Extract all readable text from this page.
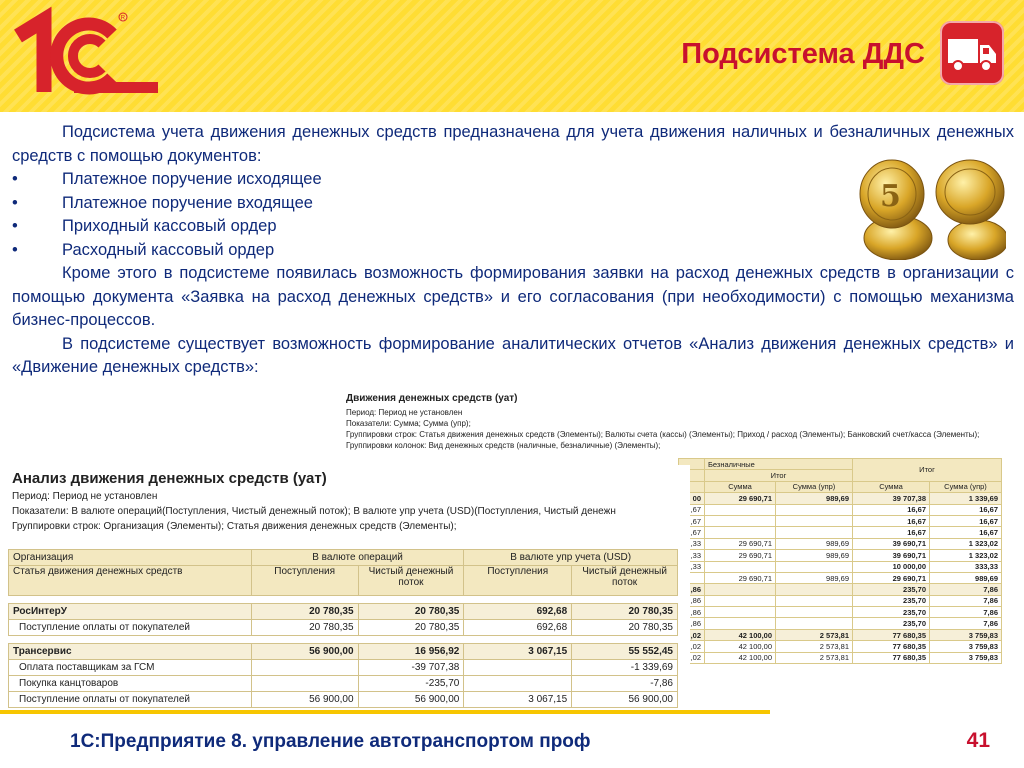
R
Подсистема ДДС

Подсистема учета движения денежных средств предназначена для учета движения наличных и безналичных денежных средств с помощью документов:

•	Платежное поручение исходящее
•	Платежное поручение входящее
•	Приходный кассовый ордер
•	Расходный кассовый ордер

Кроме этого в подсистеме появилась возможность формирования заявки на расход денежных средств в организации с помощью документа «Заявка на расход денежных средств» и его согласования (при необходимости) с помощью механизма бизнес-процессов.

В подсистеме существует возможность формирование аналитических отчетов «Анализ движения денежных средств» и «Движение денежных средств»:

5
Движения денежных средств (уат)
Период: Период не установлен
Показатели: Сумма; Сумма (упр);
Группировки строк: Статья движения денежных средств (Элементы); Валюты счета (кассы) (Элементы); Приход / расход (Элементы); Банковский счет/касса (Элементы);
Группировки колонок: Вид денежных средств (наличные, безналичные) (Элементы);
	Безналичные		Итог	
	Итог			
	Сумма	Сумма (упр)	Сумма	Сумма (упр)
00	29 690,71	989,69	39 707,38	1 339,69
,67			16,67	16,67
,67			16,67	16,67
,67			16,67	16,67
,33	29 690,71	989,69	39 690,71	1 323,02
,33	29 690,71	989,69	39 690,71	1 323,02
,33			10 000,00	333,33
	29 690,71	989,69	29 690,71	989,69
,86			235,70	7,86
,86			235,70	7,86
,86			235,70	7,86
,86			235,70	7,86
,02	42 100,00	2 573,81	77 680,35	3 759,83
,02	42 100,00	2 573,81	77 680,35	3 759,83
,02	42 100,00	2 573,81	77 680,35	3 759,83
Анализ движения денежных средств (уат)
Период: Период не установлен
Показатели: В валюте операций(Поступления, Чистый денежный поток); В валюте упр учета (USD)(Поступления, Чистый денежн
Группировки строк: Организация (Элементы); Статья движения денежных средств (Элементы);
Организация	В валюте операций		В валюте упр учета (USD)	
Статья движения денежных средств	Поступления	Чистый денежный поток	Поступления	Чистый денежный поток

РосИнтерУ	20 780,35	20 780,35	692,68	20 780,35
Поступление оплаты от покупателей	20 780,35	20 780,35	692,68	20 780,35

Трансервис	56 900,00	16 956,92	3 067,15	55 552,45
Оплата поставщикам за ГСМ		-39 707,38		-1 339,69
Покупка канцтоваров		-235,70		-7,86
Поступление оплаты от покупателей	56 900,00	56 900,00	3 067,15	56 900,00
1С:Предприятие 8. управление автотранспортом проф	41
